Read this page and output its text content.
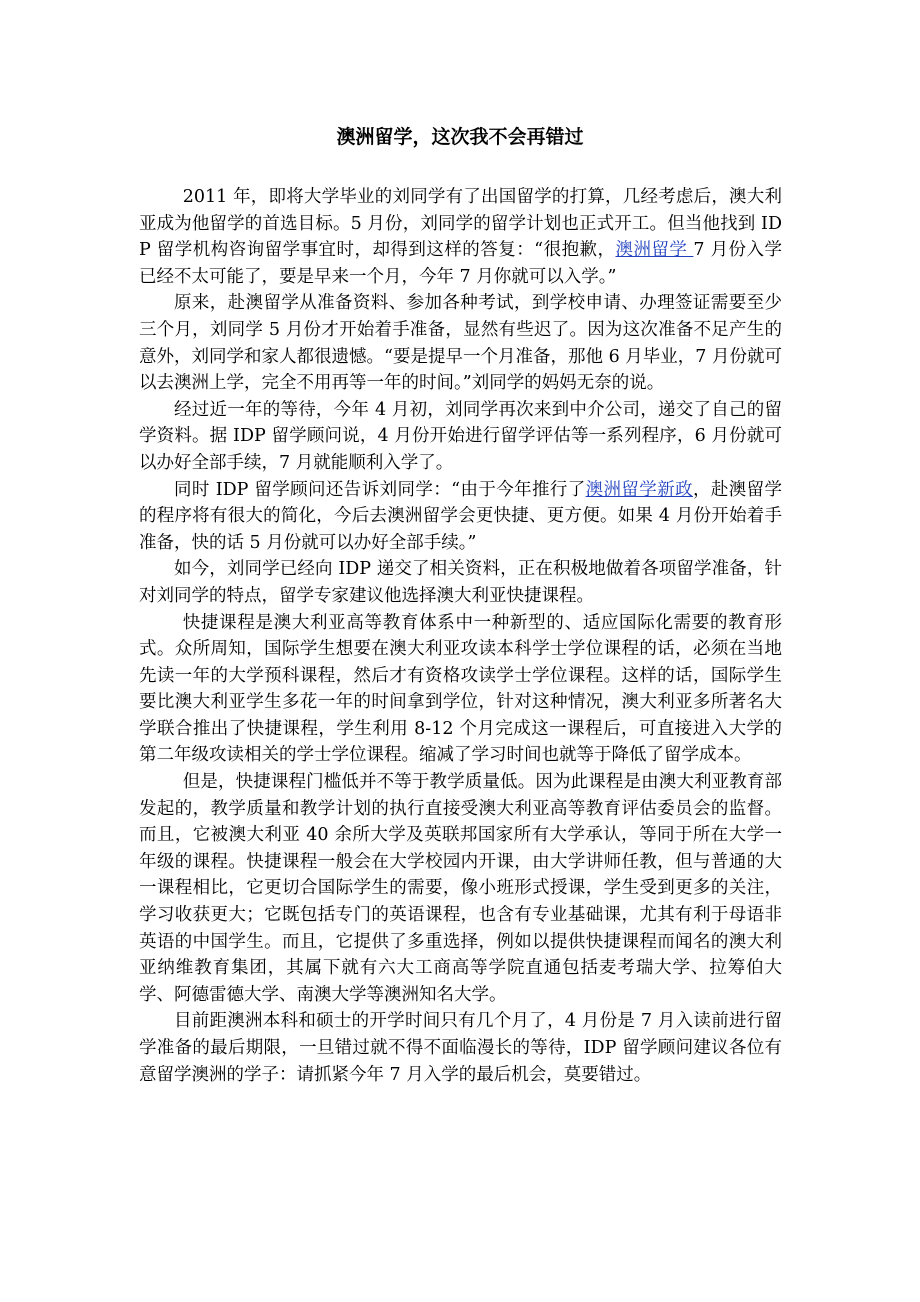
澳洲留学，这次我不会再错过

2011 年，即将大学毕业的刘同学有了出国留学的打算，几经考虑后，澳大利亚成为他留学的首选目标。5 月份，刘同学的留学计划也正式开工。但当他找到 IDP 留学机构咨询留学事宜时，却得到这样的答复：“很抱歉，澳洲留学 7 月份入学已经不太可能了，要是早来一个月，今年 7 月你就可以入学。”

原来，赴澳留学从准备资料、参加各种考试，到学校申请、办理签证需要至少三个月，刘同学 5 月份才开始着手准备，显然有些迟了。因为这次准备不足产生的意外，刘同学和家人都很遗憾。“要是提早一个月准备，那他 6 月毕业，7 月份就可以去澳洲上学，完全不用再等一年的时间。”刘同学的妈妈无奈的说。

经过近一年的等待，今年 4 月初，刘同学再次来到中介公司，递交了自己的留学资料。据 IDP 留学顾问说，4 月份开始进行留学评估等一系列程序，6 月份就可以办好全部手续，7 月就能顺利入学了。

同时 IDP 留学顾问还告诉刘同学：“由于今年推行了澳洲留学新政，赴澳留学的程序将有很大的简化，今后去澳洲留学会更快捷、更方便。如果 4 月份开始着手准备，快的话 5 月份就可以办好全部手续。”

如今，刘同学已经向 IDP 递交了相关资料，正在积极地做着各项留学准备，针对刘同学的特点，留学专家建议他选择澳大利亚快捷课程。

快捷课程是澳大利亚高等教育体系中一种新型的、适应国际化需要的教育形式。众所周知，国际学生想要在澳大利亚攻读本科学士学位课程的话，必须在当地先读一年的大学预科课程，然后才有资格攻读学士学位课程。这样的话，国际学生要比澳大利亚学生多花一年的时间拿到学位，针对这种情况，澳大利亚多所著名大学联合推出了快捷课程，学生利用 8-12 个月完成这一课程后，可直接进入大学的第二年级攻读相关的学士学位课程。缩减了学习时间也就等于降低了留学成本。

但是，快捷课程门槛低并不等于教学质量低。因为此课程是由澳大利亚教育部发起的，教学质量和教学计划的执行直接受澳大利亚高等教育评估委员会的监督。而且，它被澳大利亚 40 余所大学及英联邦国家所有大学承认，等同于所在大学一年级的课程。快捷课程一般会在大学校园内开课，由大学讲师任教，但与普通的大一课程相比，它更切合国际学生的需要，像小班形式授课，学生受到更多的关注，学习收获更大；它既包括专门的英语课程，也含有专业基础课，尤其有利于母语非英语的中国学生。而且，它提供了多重选择，例如以提供快捷课程而闻名的澳大利亚纳维教育集团，其属下就有六大工商高等学院直通包括麦考瑞大学、拉筹伯大学、阿德雷德大学、南澳大学等澳洲知名大学。

目前距澳洲本科和硕士的开学时间只有几个月了，4 月份是 7 月入读前进行留学准备的最后期限，一旦错过就不得不面临漫长的等待，IDP 留学顾问建议各位有意留学澳洲的学子：请抓紧今年 7 月入学的最后机会，莫要错过。
